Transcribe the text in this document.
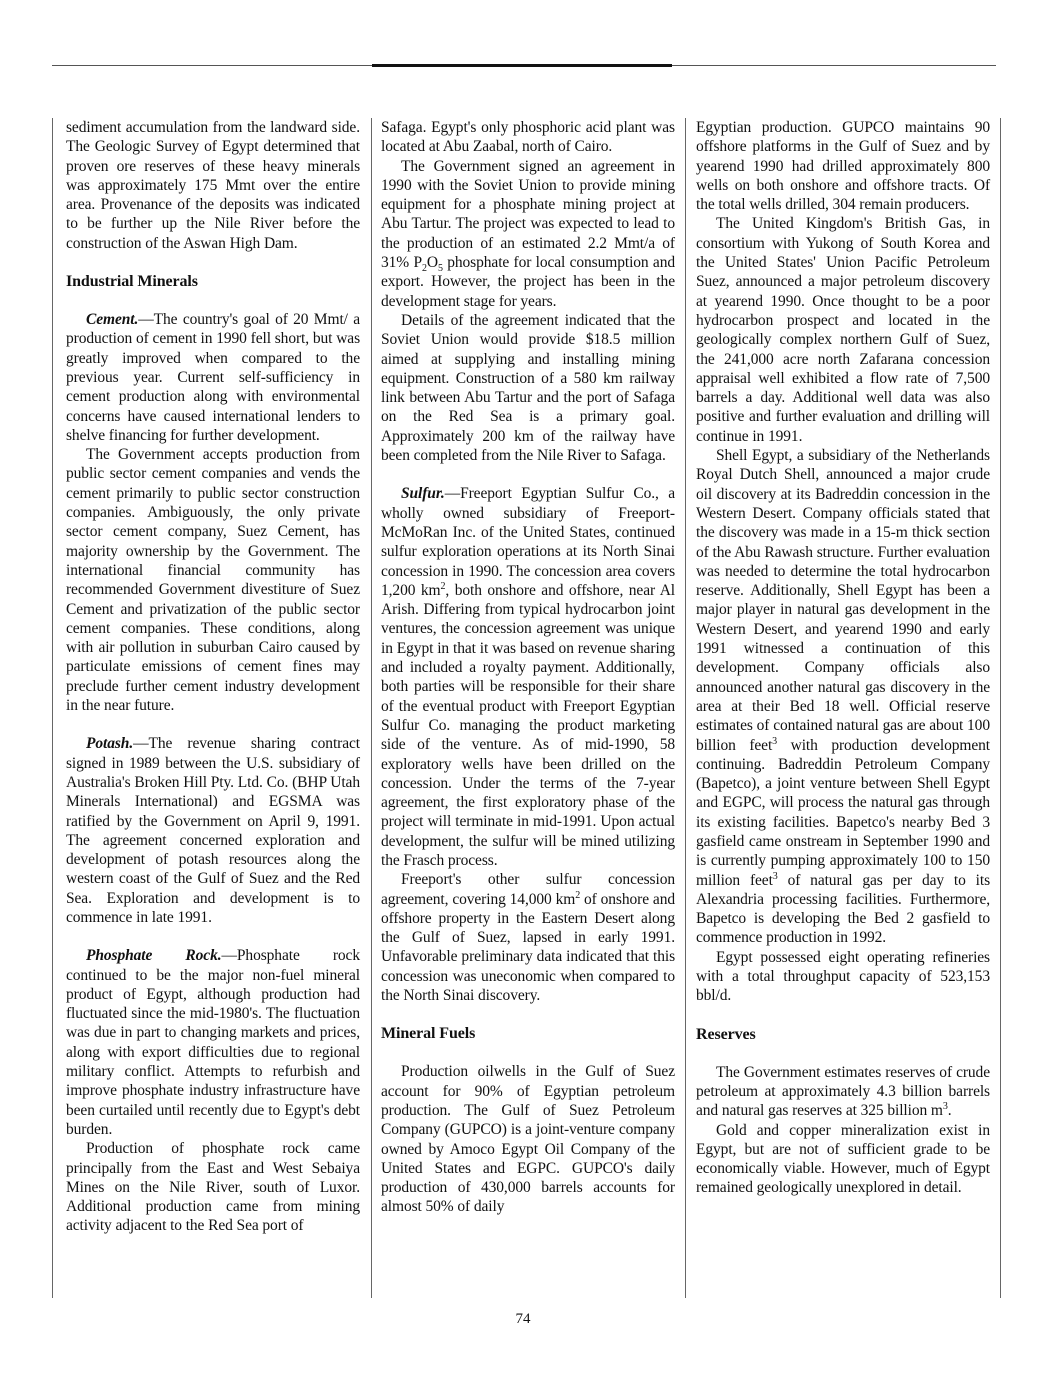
sediment accumulation from the landward side. The Geologic Survey of Egypt determined that proven ore reserves of these heavy minerals was approximately 175 Mmt over the entire area. Provenance of the deposits was indicated to be further up the Nile River before the construction of the Aswan High Dam.

Industrial Minerals

Cement.—The country's goal of 20 Mmt/ a production of cement in 1990 fell short, but was greatly improved when compared to the previous year. Current self-sufficiency in cement production along with environmental concerns have caused international lenders to shelve financing for further development.

The Government accepts production from public sector cement companies and vends the cement primarily to public sector construction companies. Ambiguously, the only private sector cement company, Suez Cement, has majority ownership by the Government. The international financial community has recommended Government divestiture of Suez Cement and privatization of the public sector cement companies. These conditions, along with air pollution in suburban Cairo caused by particulate emissions of cement fines may preclude further cement industry development in the near future.

Potash.—The revenue sharing contract signed in 1989 between the U.S. subsidiary of Australia's Broken Hill Pty. Ltd. Co. (BHP Utah Minerals International) and EGSMA was ratified by the Government on April 9, 1991. The agreement concerned exploration and development of potash resources along the western coast of the Gulf of Suez and the Red Sea. Exploration and development is to commence in late 1991.

Phosphate Rock.—Phosphate rock continued to be the major non-fuel mineral product of Egypt, although production had fluctuated since the mid-1980's. The fluctuation was due in part to changing markets and prices, along with export difficulties due to regional military conflict. Attempts to refurbish and improve phosphate industry infrastructure have been curtailed until recently due to Egypt's debt burden.

Production of phosphate rock came principally from the East and West Sebaiya Mines on the Nile River, south of Luxor. Additional production came from mining activity adjacent to the Red Sea port of

Safaga. Egypt's only phosphoric acid plant was located at Abu Zaabal, north of Cairo.

The Government signed an agreement in 1990 with the Soviet Union to provide mining equipment for a phosphate mining project at Abu Tartur. The project was expected to lead to the production of an estimated 2.2 Mmt/a of 31% $P_2O_5$ phosphate for local consumption and export. However, the project has been in the development stage for years.

Details of the agreement indicated that the Soviet Union would provide $18.5 million aimed at supplying and installing mining equipment. Construction of a 580 km railway link between Abu Tartur and the port of Safaga on the Red Sea is a primary goal. Approximately 200 km of the railway have been completed from the Nile River to Safaga.

Sulfur.—Freeport Egyptian Sulfur Co., a wholly owned subsidiary of Freeport-McMoRan Inc. of the United States, continued sulfur exploration operations at its North Sinai concession in 1990. The concession area covers 1,200 $km^2$, both onshore and offshore, near Al Arish. Differing from typical hydrocarbon joint ventures, the concession agreement was unique in Egypt in that it was based on revenue sharing and included a royalty payment. Additionally, both parties will be responsible for their share of the eventual product with Freeport Egyptian Sulfur Co. managing the product marketing side of the venture. As of mid-1990, 58 exploratory wells have been drilled on the concession. Under the terms of the 7-year agreement, the first exploratory phase of the project will terminate in mid-1991. Upon actual development, the sulfur will be mined utilizing the Frasch process.

Freeport's other sulfur concession agreement, covering 14,000 $km^2$ of onshore and offshore property in the Eastern Desert along the Gulf of Suez, lapsed in early 1991. Unfavorable preliminary data indicated that this concession was uneconomic when compared to the North Sinai discovery.

Mineral Fuels

Production oilwells in the Gulf of Suez account for 90% of Egyptian petroleum production. The Gulf of Suez Petroleum Company (GUPCO) is a joint-venture company owned by Amoco Egypt Oil Company of the United States and EGPC. GUPCO's daily production of 430,000 barrels accounts for almost 50% of daily

Egyptian production. GUPCO maintains 90 offshore platforms in the Gulf of Suez and by yearend 1990 had drilled approximately 800 wells on both onshore and offshore tracts. Of the total wells drilled, 304 remain producers.

The United Kingdom's British Gas, in consortium with Yukong of South Korea and the United States' Union Pacific Petroleum Suez, announced a major petroleum discovery at yearend 1990. Once thought to be a poor hydrocarbon prospect and located in the geologically complex northern Gulf of Suez, the 241,000 acre north Zafarana concession appraisal well exhibited a flow rate of 7,500 barrels a day. Additional well data was also positive and further evaluation and drilling will continue in 1991.

Shell Egypt, a subsidiary of the Netherlands Royal Dutch Shell, announced a major crude oil discovery at its Badreddin concession in the Western Desert. Company officials stated that the discovery was made in a 15-m thick section of the Abu Rawash structure. Further evaluation was needed to determine the total hydrocarbon reserve. Additionally, Shell Egypt has been a major player in natural gas development in the Western Desert, and yearend 1990 and early 1991 witnessed a continuation of this development. Company officials also announced another natural gas discovery in the area at their Bed 18 well. Official reserve estimates of contained natural gas are about 100 billion feet$^3$ with production development continuing. Badreddin Petroleum Company (Bapetco), a joint venture between Shell Egypt and EGPC, will process the natural gas through its existing facilities. Bapetco's nearby Bed 3 gasfield came onstream in September 1990 and is currently pumping approximately 100 to 150 million feet$^3$ of natural gas per day to its Alexandria processing facilities. Furthermore, Bapetco is developing the Bed 2 gasfield to commence production in 1992.

Egypt possessed eight operating refineries with a total throughput capacity of 523,153 bbl/d.

Reserves

The Government estimates reserves of crude petroleum at approximately 4.3 billion barrels and natural gas reserves at 325 billion $m^3$.

Gold and copper mineralization exist in Egypt, but are not of sufficient grade to be economically viable. However, much of Egypt remained geologically unexplored in detail.

74
